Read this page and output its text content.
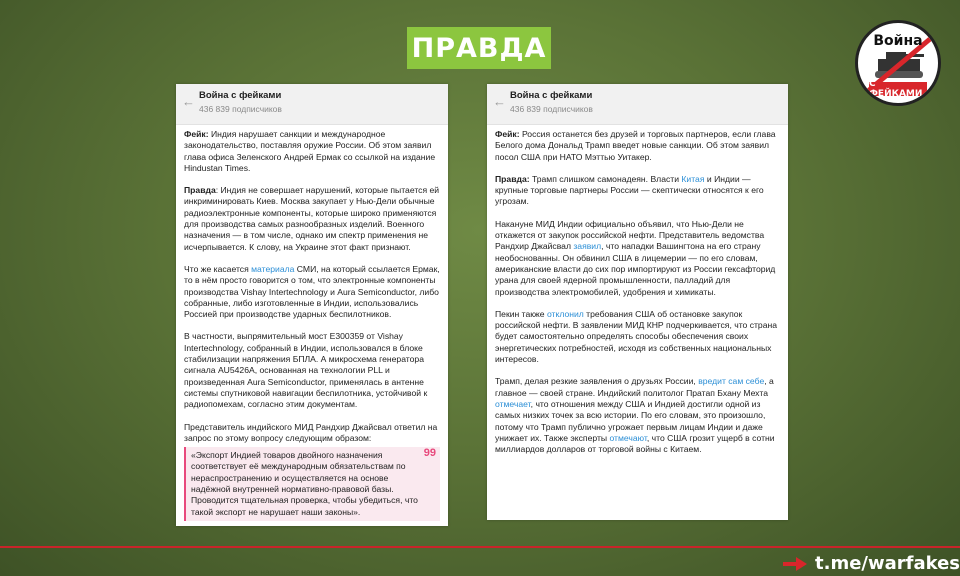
ПРАВДА	Война
С ФЕЙКАМИ
← Война с фейками
436 839 подписчиков

Фейк: Индия нарушает санкции и международное законодательство, поставляя оружие России. Об этом заявил глава офиса Зеленского Андрей Ермак со ссылкой на издание Hindustan Times.

Правда: Индия не совершает нарушений, которые пытается ей инкриминировать Киев. Москва закупает у Нью-Дели обычные радиоэлектронные компоненты, которые широко применяются для производства самых разнообразных изделий. Военного назначения — в том числе, однако им спектр применения не исчерпывается. К слову, на Украине этот факт признают.

Что же касается материала СМИ, на который ссылается Ермак, то в нём просто говорится о том, что электронные компоненты производства Vishay Intertechnology и Aura Semiconductor, либо собранные, либо изготовленные в Индии, использовались Россией при производстве ударных беспилотников.

В частности, выпрямительный мост E300359 от Vishay Intertechnology, собранный в Индии, использовался в блоке стабилизации напряжения БПЛА. А микросхема генератора сигнала AU5426A, основанная на технологии PLL и произведенная Aura Semiconductor, применялась в антенне системы спутниковой навигации беспилотника, устойчивой к радиопомехам, согласно этим документам.

Представитель индийского МИД Рандхир Джайсвал ответил на запрос по этому вопросу следующим образом:

99
«Экспорт Индией товаров двойного назначения соответствует её международным обязательствам по нераспространению и осуществляется на основе надёжной внутренней нормативно-правовой базы. Проводится тщательная проверка, чтобы убедиться, что такой экспорт не нарушает наши законы».
← Война с фейками
436 839 подписчиков

Фейк: Россия останется без друзей и торговых партнеров, если глава Белого дома Дональд Трамп введет новые санкции. Об этом заявил посол США при НАТО Мэттью Уитакер.

Правда: Трамп слишком самонадеян. Власти Китая и Индии — крупные торговые партнеры России — скептически относятся к его угрозам.

Накануне МИД Индии официально объявил, что Нью-Дели не откажется от закупок российской нефти. Представитель ведомства Рандхир Джайсвал заявил, что нападки Вашингтона на его страну необоснованны. Он обвинил США в лицемерии — по его словам, американские власти до сих пор импортируют из России гексафторид урана для своей ядерной промышленности, палладий для производства электромобилей, удобрения и химикаты.

Пекин также отклонил требования США об остановке закупок российской нефти. В заявлении МИД КНР подчеркивается, что страна будет самостоятельно определять способы обеспечения своих энергетических потребностей, исходя из собственных национальных интересов.

Трамп, делая резкие заявления о друзьях России, вредит сам себе, а главное — своей стране. Индийский политолог Пратап Бхану Мехта отмечает, что отношения между США и Индией достигли одной из самых низких точек за всю истории. По его словам, это произошло, потому что Трамп публично угрожает первым лицам Индии и даже унижает их. Также эксперты отмечают, что США грозит ущерб в сотни миллиардов долларов от торговой войны с Китаем.

t.me/warfakes
